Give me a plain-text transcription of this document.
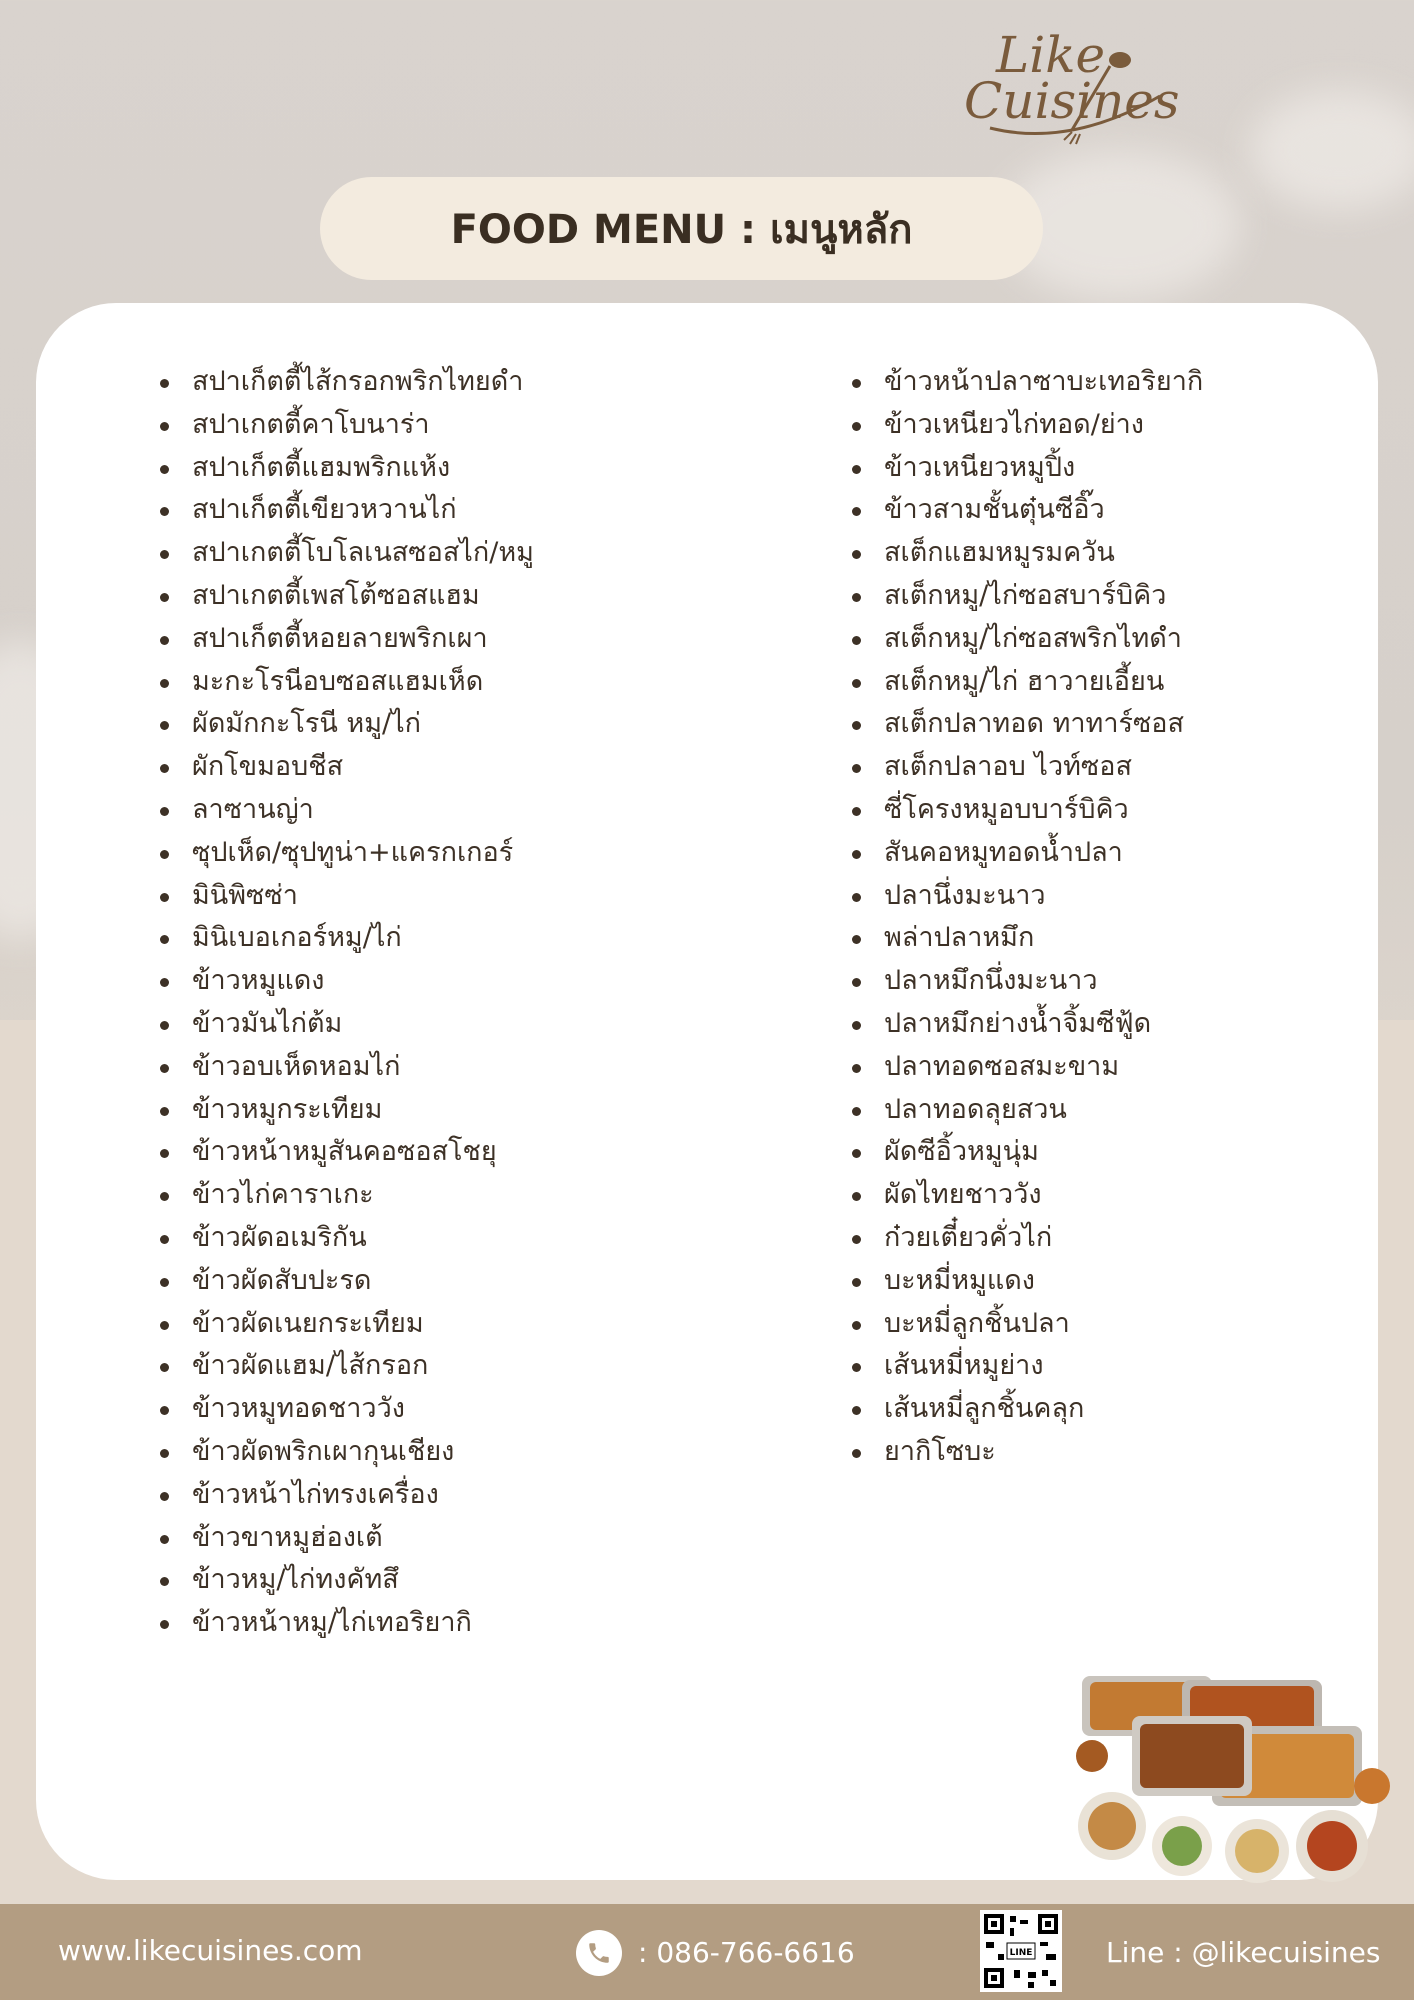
Like
Cuisines
FOOD MENU : เมนูหลัก
สปาเก็ตตี้ไส้กรอกพริกไทยดำ
สปาเกตตี้คาโบนาร่า
สปาเก็ตตี้แฮมพริกแห้ง
สปาเก็ตตี้เขียวหวานไก่
สปาเกตตี้โบโลเนสซอสไก่/หมู
สปาเกตตี้เพสโต้ซอสแฮม
สปาเก็ตตี้หอยลายพริกเผา
มะกะโรนีอบซอสแฮมเห็ด
ผัดมักกะโรนี หมู/ไก่
ผักโขมอบชีส
ลาซานญ่า
ซุปเห็ด/ซุปทูน่า+แครกเกอร์
มินิพิซซ่า
มินิเบอเกอร์หมู/ไก่
ข้าวหมูแดง
ข้าวมันไก่ต้ม
ข้าวอบเห็ดหอมไก่
ข้าวหมูกระเทียม
ข้าวหน้าหมูสันคอซอสโชยุ
ข้าวไก่คาราเกะ
ข้าวผัดอเมริกัน
ข้าวผัดสับปะรด
ข้าวผัดเนยกระเทียม
ข้าวผัดแฮม/ไส้กรอก
ข้าวหมูทอดชาววัง
ข้าวผัดพริกเผากุนเชียง
ข้าวหน้าไก่ทรงเครื่อง
ข้าวขาหมูฮ่องเต้
ข้าวหมู/ไก่ทงคัทสึ
ข้าวหน้าหมู/ไก่เทอริยากิ
ข้าวหน้าปลาซาบะเทอริยากิ
ข้าวเหนียวไก่ทอด/ย่าง
ข้าวเหนียวหมูปิ้ง
ข้าวสามชั้นตุ๋นซีอิ๊ว
สเต็กแฮมหมูรมควัน
สเต็กหมู/ไก่ซอสบาร์บิคิว
สเต็กหมู/ไก่ซอสพริกไทดำ
สเต็กหมู/ไก่ ฮาวายเอี้ยน
สเต็กปลาทอด ทาทาร์ซอส
สเต็กปลาอบ ไวท์ซอส
ซี่โครงหมูอบบาร์บิคิว
สันคอหมูทอดน้ำปลา
ปลานึ่งมะนาว
พล่าปลาหมึก
ปลาหมึกนึ่งมะนาว
ปลาหมึกย่างน้ำจิ้มซีฟู้ด
ปลาทอดซอสมะขาม
ปลาทอดลุยสวน
ผัดซีอิ้วหมูนุ่ม
ผัดไทยชาววัง
ก๋วยเตี๋ยวคั่วไก่
บะหมี่หมูแดง
บะหมี่ลูกชิ้นปลา
เส้นหมี่หมูย่าง
เส้นหมี่ลูกชิ้นคลุก
ยากิโซบะ
www.likecuisines.com	: 086-766-6616	LINE	Line : @likecuisines
